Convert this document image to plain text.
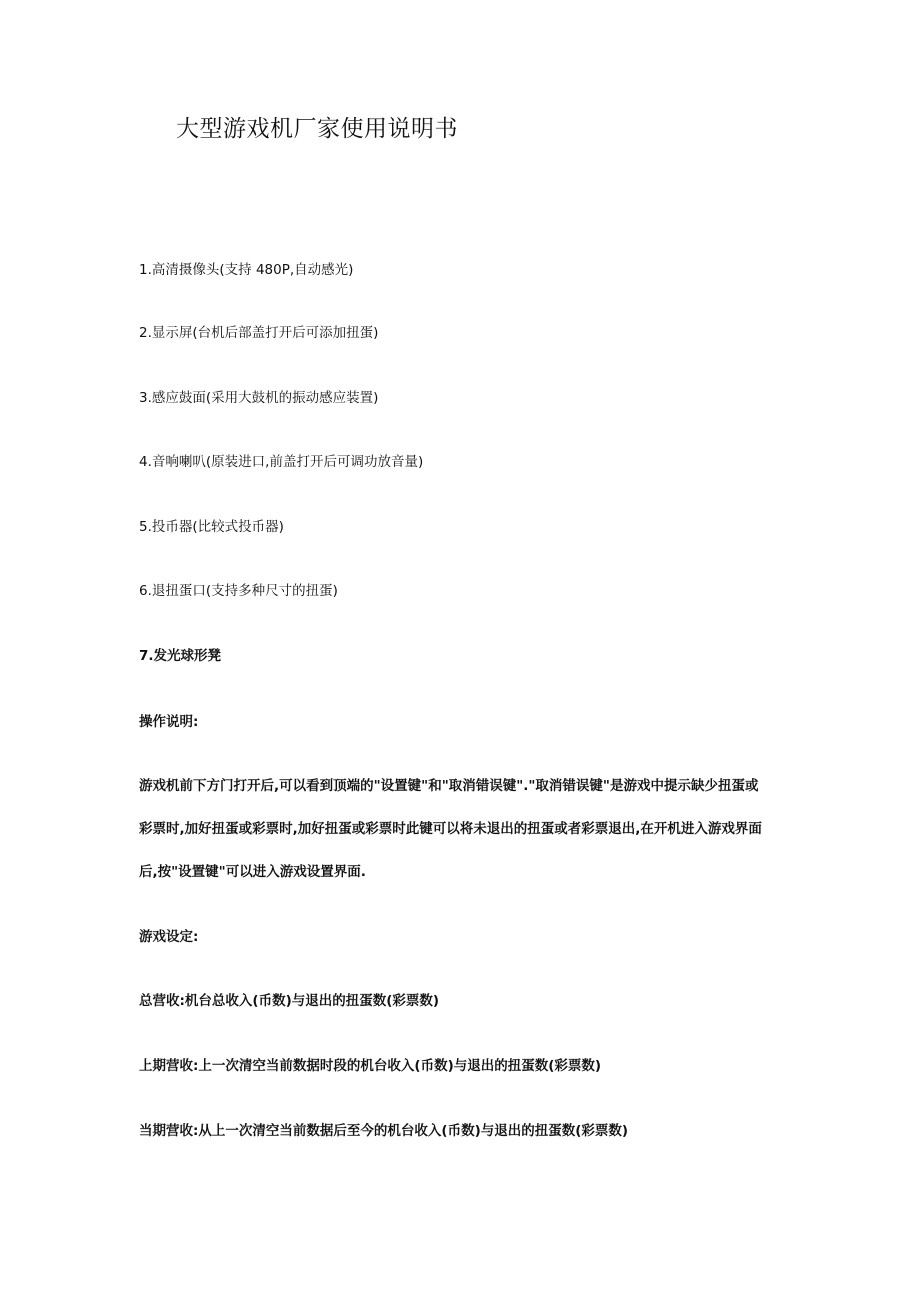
大型游戏机厂家使用说明书

1.高清摄像头(支持 480P,自动感光)

2.显示屏(台机后部盖打开后可添加扭蛋)

3.感应鼓面(采用大鼓机的振动感应装置)

4.音响喇叭(原装进口,前盖打开后可调功放音量)

5.投币器(比较式投币器)

6.退扭蛋口(支持多种尺寸的扭蛋)

7.发光球形凳

操作说明:

游戏机前下方门打开后,可以看到顶端的"设置键"和"取消错误键"."取消错误键"是游戏中提示缺少扭蛋或

彩票时,加好扭蛋或彩票时,加好扭蛋或彩票时此键可以将未退出的扭蛋或者彩票退出,在开机进入游戏界面

后,按"设置键"可以进入游戏设置界面.

游戏设定:

总营收:机台总收入(币数)与退出的扭蛋数(彩票数)

上期营收:上一次清空当前数据时段的机台收入(币数)与退出的扭蛋数(彩票数)

当期营收:从上一次清空当前数据后至今的机台收入(币数)与退出的扭蛋数(彩票数)
